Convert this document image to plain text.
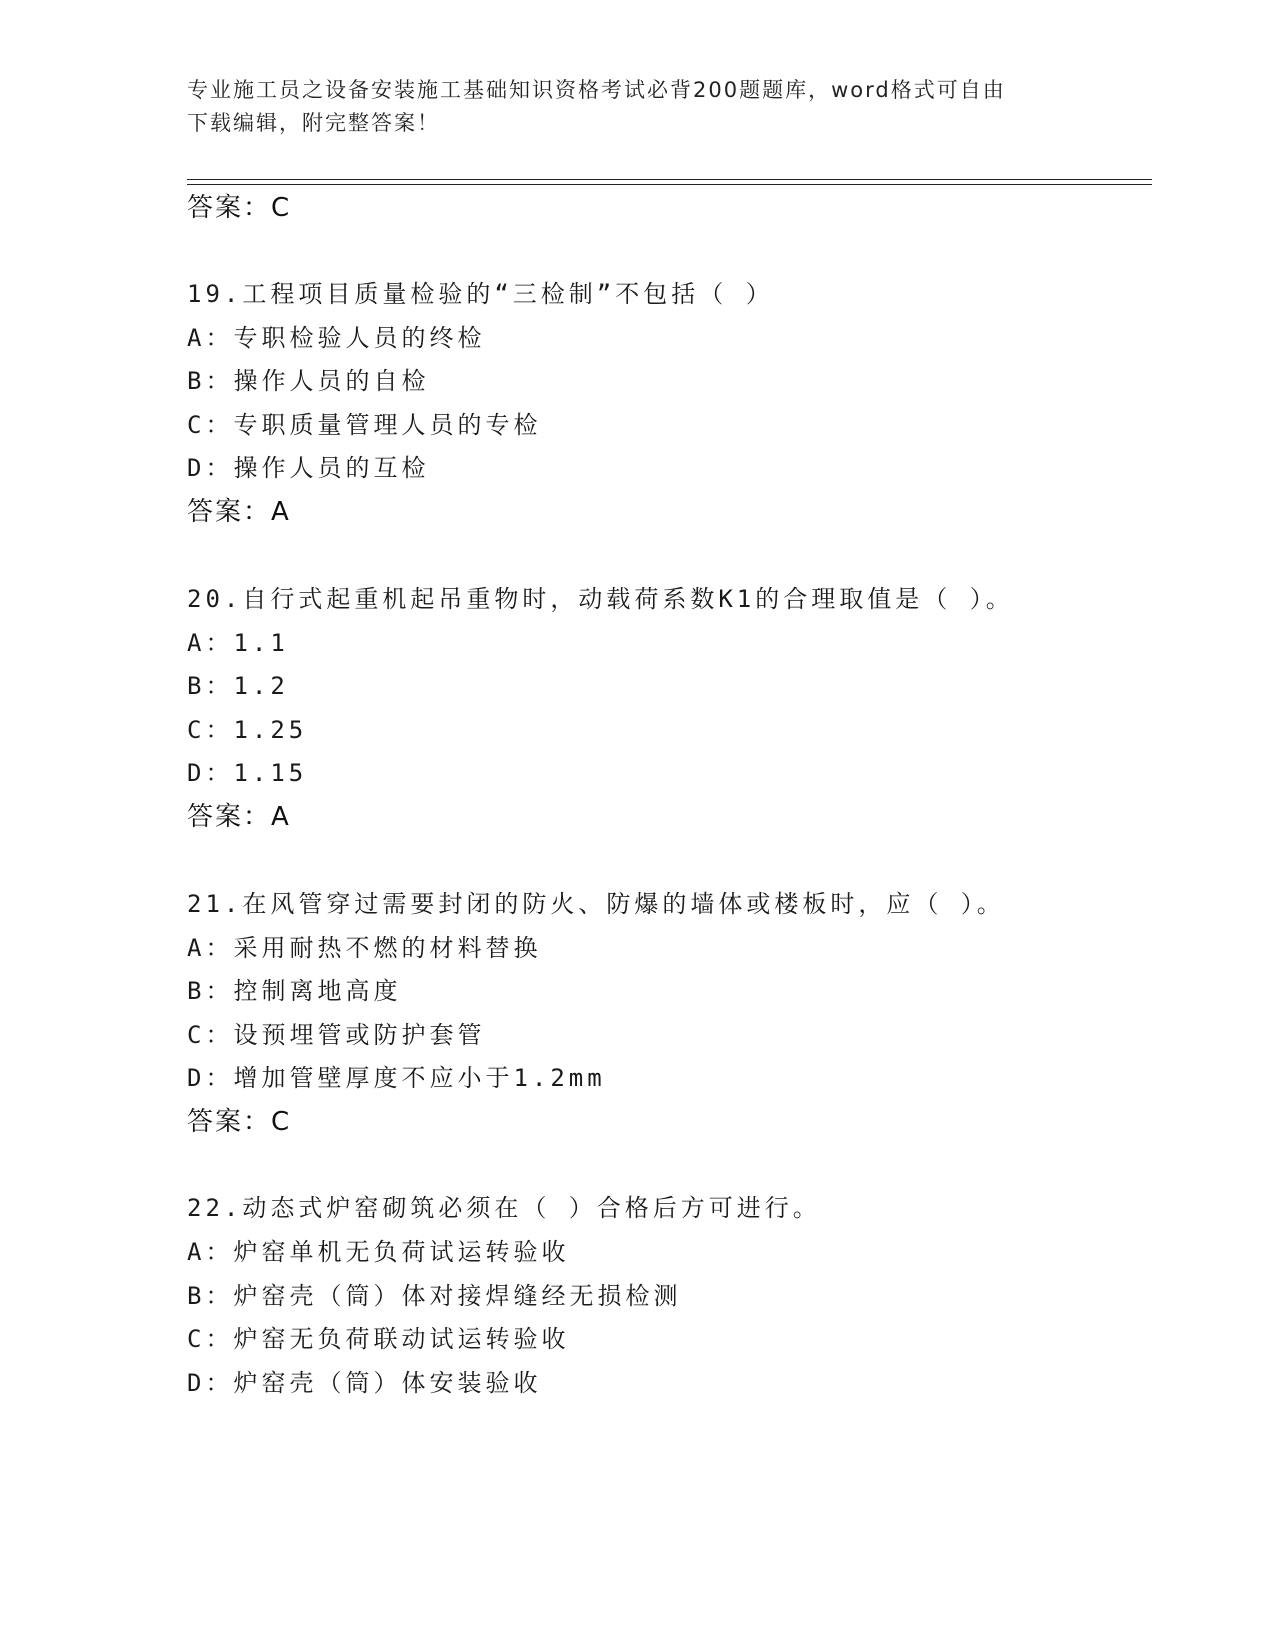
专业施工员之设备安装施工基础知识资格考试必背200题题库，word格式可自由
下载编辑，附完整答案！
答案：C
19.工程项目质量检验的“三检制”不包括（ ）
A：专职检验人员的终检
B：操作人员的自检
C：专职质量管理人员的专检
D：操作人员的互检
答案：A
20.自行式起重机起吊重物时，动载荷系数K1的合理取值是（ ）。
A：1.1
B：1.2
C：1.25
D：1.15
答案：A
21.在风管穿过需要封闭的防火、防爆的墙体或楼板时，应（ ）。
A：采用耐热不燃的材料替换
B：控制离地高度
C：设预埋管或防护套管
D：增加管壁厚度不应小于1.2mm
答案：C
22.动态式炉窑砌筑必须在（ ）合格后方可进行。
A：炉窑单机无负荷试运转验收
B：炉窑壳（筒）体对接焊缝经无损检测
C：炉窑无负荷联动试运转验收
D：炉窑壳（筒）体安装验收
